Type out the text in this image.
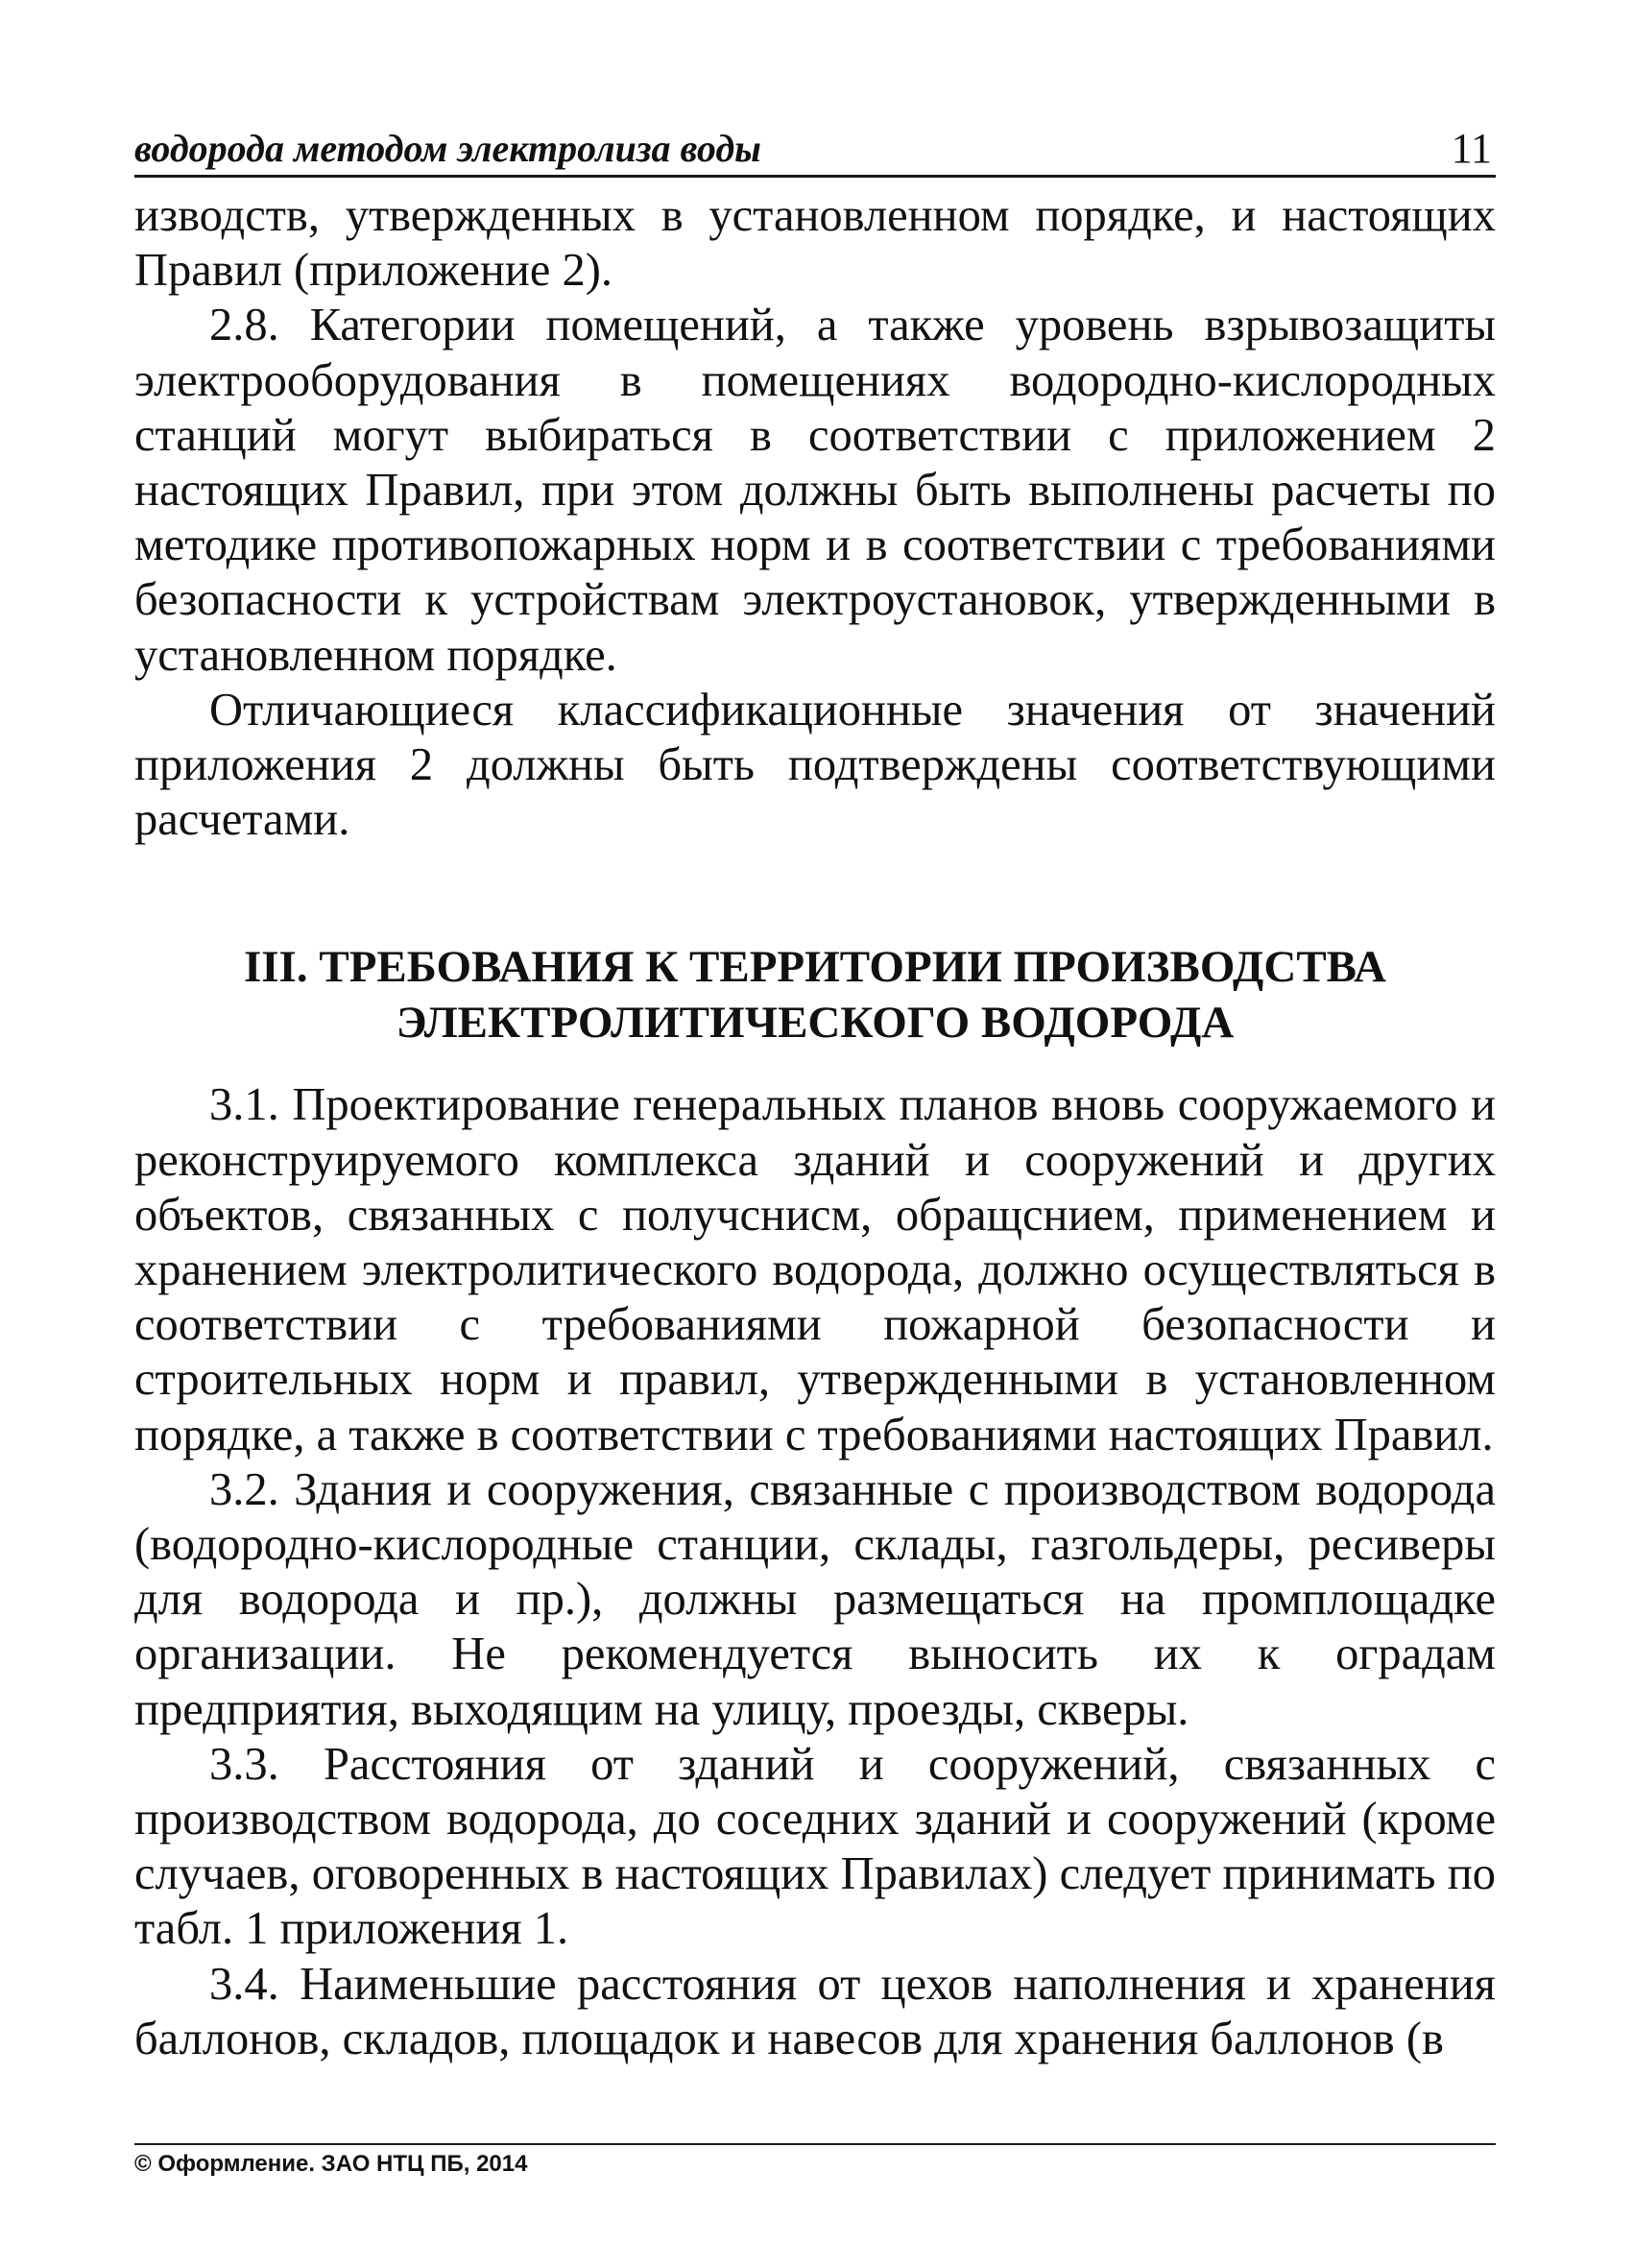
водорода методом электролиза воды	11

изводств, утвержденных в установленном порядке, и настоящих Правил (приложение 2).

2.8. Категории помещений, а также уровень взрывозащиты электрооборудования в помещениях водородно-кислородных станций могут выбираться в соответствии с приложением 2 настоящих Правил, при этом должны быть выполнены расчеты по методике противопожарных норм и в соответствии с требованиями безопасности к устройствам электроустановок, утвержденными в установленном порядке.

Отличающиеся классификационные значения от значений приложения 2 должны быть подтверждены соответствующими расчетами.

III. ТРЕБОВАНИЯ К ТЕРРИТОРИИ ПРОИЗВОДСТВА

ЭЛЕКТРОЛИТИЧЕСКОГО ВОДОРОДА

3.1. Проектирование генеральных планов вновь сооружаемого и реконструируемого комплекса зданий и сооружений и других объектов, связанных с получснисм, обращснием, применением и хранением электролитического водорода, должно осуществляться в соответствии с требованиями пожарной безопасности и строительных норм и правил, утвержденными в установленном порядке, а также в соответствии с требованиями настоящих Правил.

3.2. Здания и сооружения, связанные с производством водорода (водородно-кислородные станции, склады, газгольдеры, ресиверы для водорода и пр.), должны размещаться на промплощадке организации. Не рекомендуется выносить их к оградам предприятия, выходящим на улицу, проезды, скверы.

3.3. Расстояния от зданий и сооружений, связанных с производством водорода, до соседних зданий и сооружений (кроме случаев, оговоренных в настоящих Правилах) следует принимать по табл. 1 приложения 1.

3.4. Наименьшие расстояния от цехов наполнения и хранения баллонов, складов, площадок и навесов для хранения баллонов (в

© Оформление. ЗАО НТЦ ПБ, 2014
